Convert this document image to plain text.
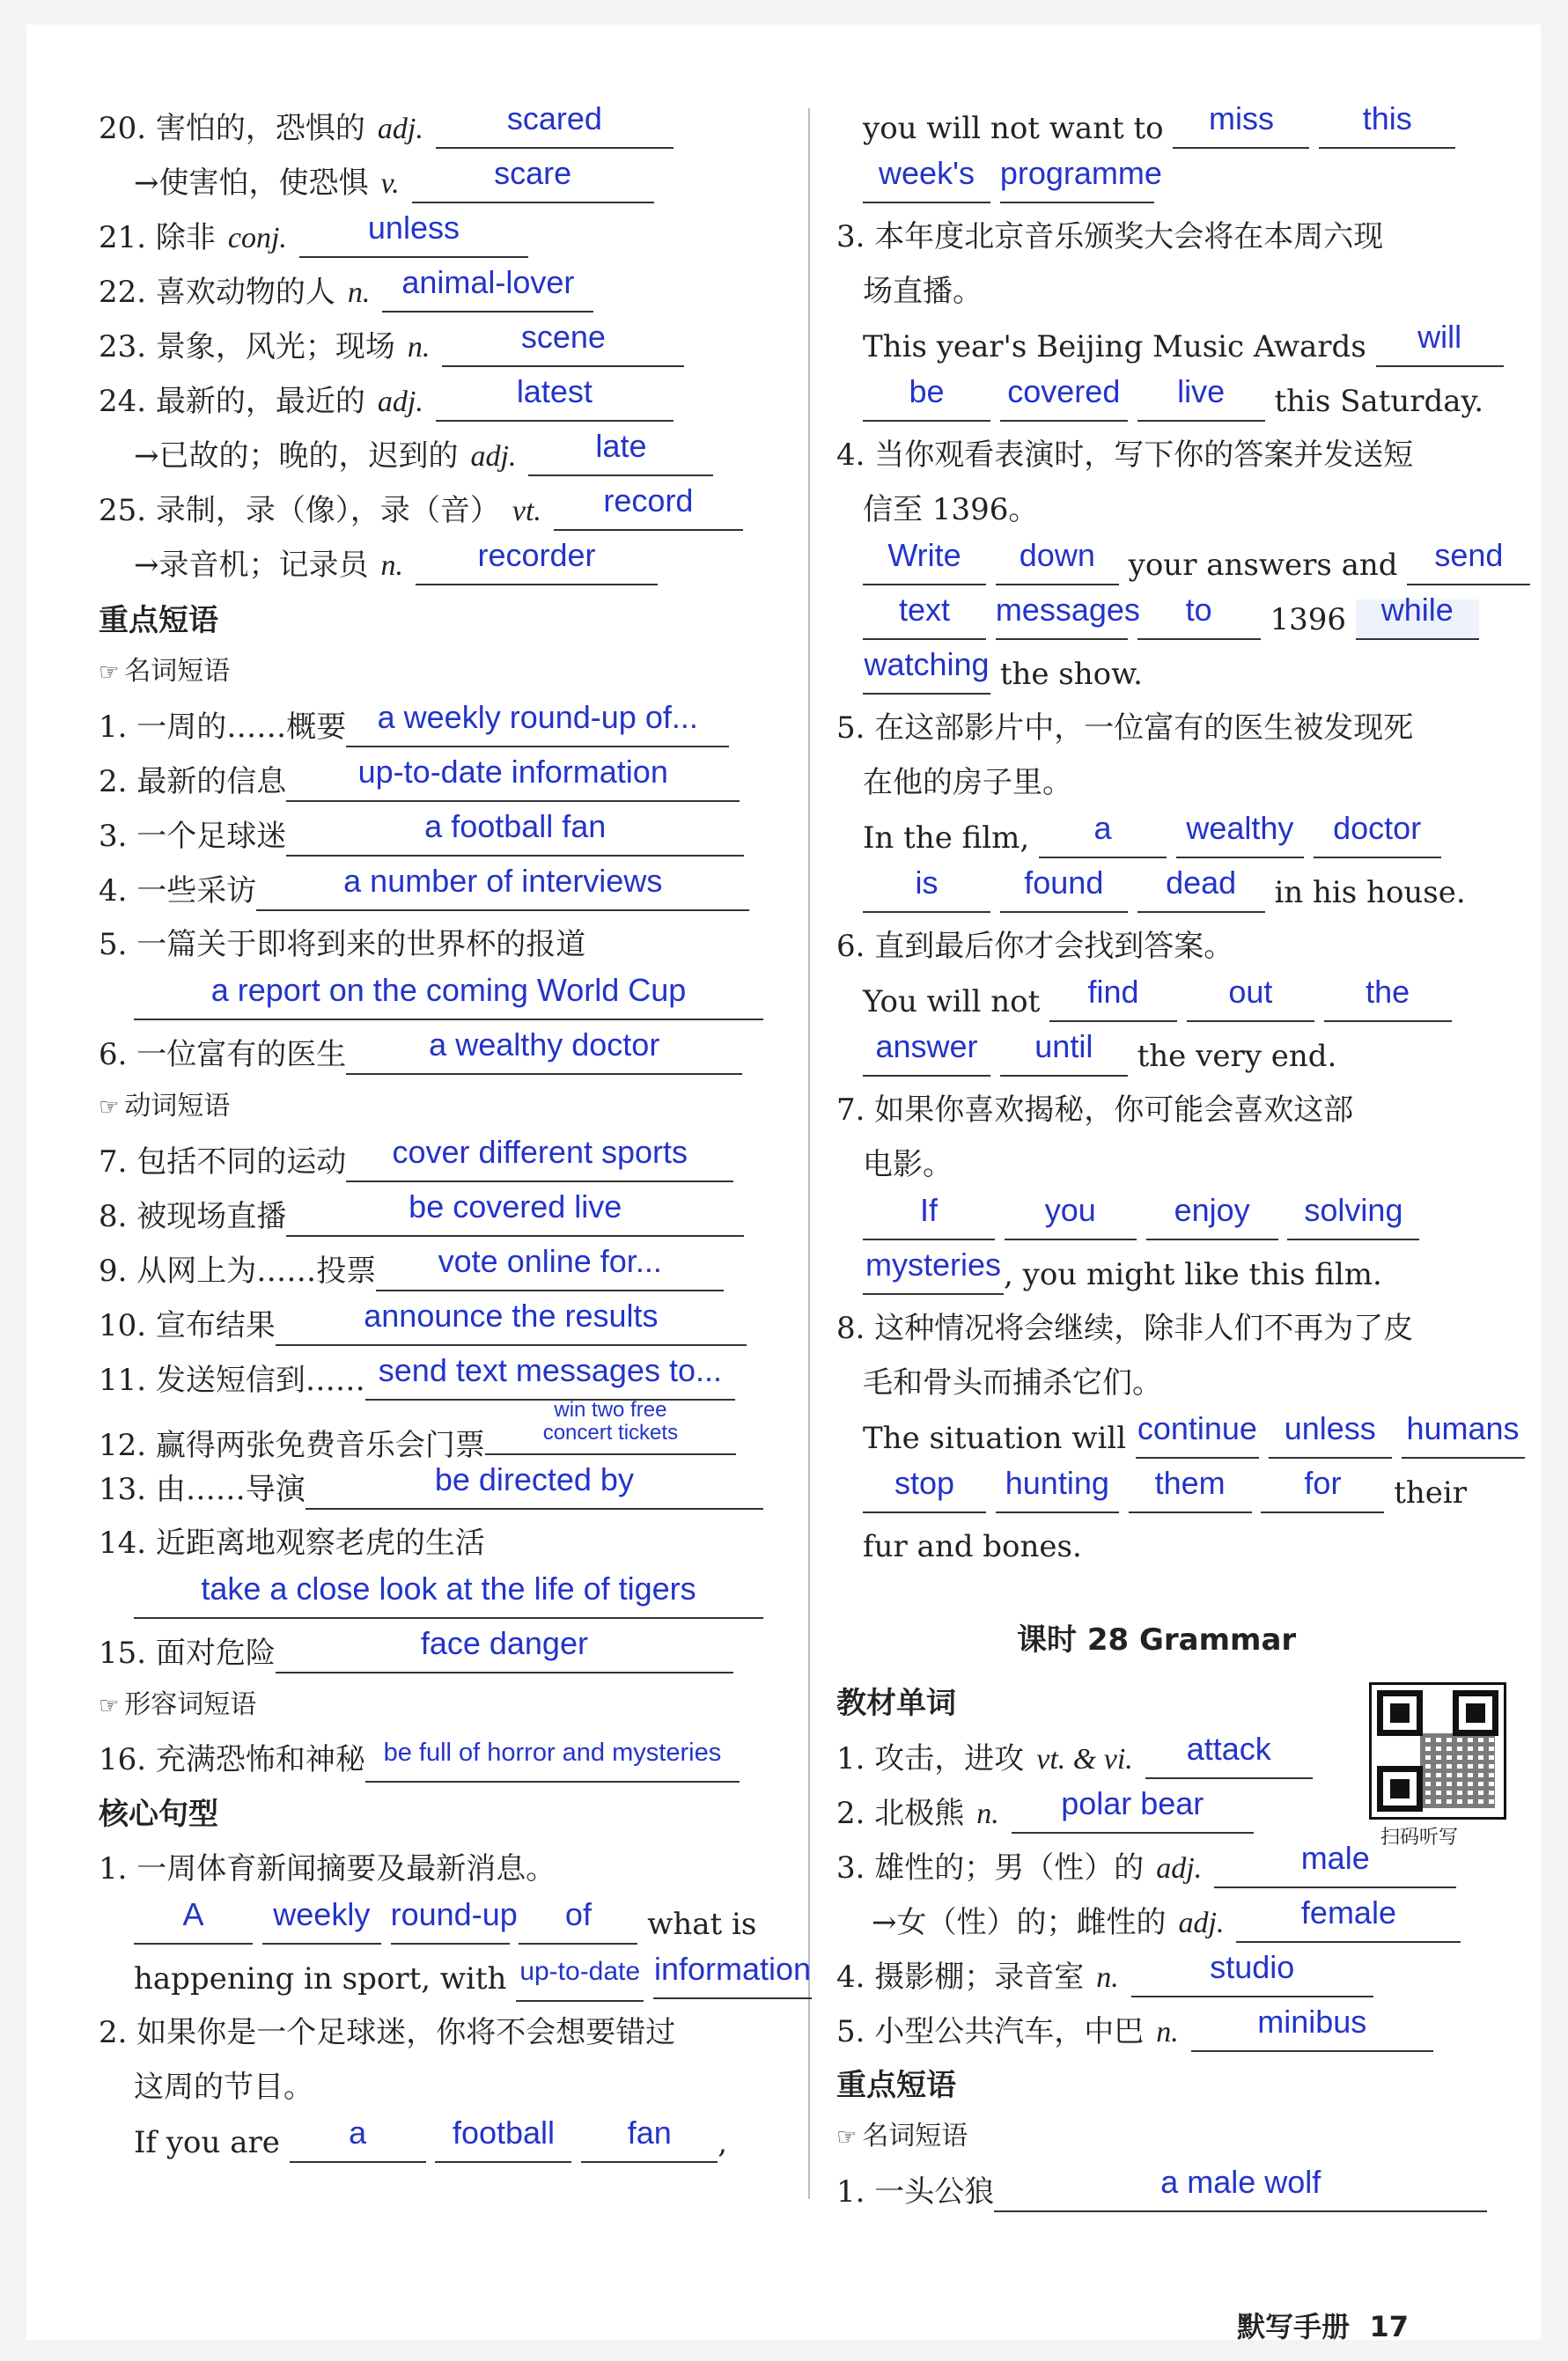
20. 害怕的，恐惧的 adj.	scared
→使害怕，使恐惧 v.	scare
21. 除非 conj.	unless
22. 喜欢动物的人 n. animal-lover
23. 景象，风光；现场 n.	scene
24. 最新的，最近的 adj.	latest
→已故的；晚的，迟到的 adj. late
25. 录制，录（像），录（音） vt. record
→录音机；记录员 n. recorder
重点短语
☞ 名词短语
1. 一周的……概要 a weekly round-up of...
2. 最新的信息 up-to-date information
3. 一个足球迷	a football fan
4. 一些采访	a number of interviews
5. 一篇关于即将到来的世界杯的报道
a report on the coming World Cup
6. 一位富有的医生	a wealthy doctor
☞ 动词短语
7. 包括不同的运动 cover different sports
8. 被现场直播	be covered live
9. 从网上为……投票 vote online for...
10. 宣布结果	announce the results
11. 发送短信到…… send text messages to...
12. 赢得两张免费音乐会门票
win two free
concert tickets
13. 由……导演	be directed by
14. 近距离地观察老虎的生活
take a close look at the life of tigers
15. 面对危险	face danger
☞ 形容词短语
16. 充满恐怖和神秘 be full of horror and mysteries
核心句型
1. 一周体育新闻摘要及最新消息。
A weekly round-up of what is
happening in sport, with up-to-date information
2. 如果你是一个足球迷，你将不会想要错过
这周的节目。
If you are a	football fan ,
you will not want to miss	this
week's programme
3. 本年度北京音乐颁奖大会将在本周六现
场直播。
This year's Beijing Music Awards will
be covered live this Saturday.
4. 当你观看表演时，写下你的答案并发送短
信至 1396。
Write down your answers and send
text messages to 1396 while
watching the show.
5. 在这部影片中，一位富有的医生被发现死
在他的房子里。
In the film, a wealthy doctor
is	found dead in his house.
6. 直到最后你才会找到答案。
You will not find	out	the
answer until the very end.
7. 如果你喜欢揭秘，你可能会喜欢这部
电影。
If	you enjoy solving
mysteries, you might like this film.
8. 这种情况将会继续，除非人们不再为了皮
毛和骨头而捕杀它们。
The situation will continue unless humans
stop hunting them for their
fur and bones.
课时 28 Grammar
教材单词
1. 攻击，进攻 vt. & vi. attack
2. 北极熊 n. polar bear
3. 雄性的；男（性）的 adj.	male
→女（性）的；雌性的 adj. female
4. 摄影棚；录音室 n.	studio
5. 小型公共汽车，中巴 n. minibus
重点短语
☞ 名词短语
1. 一头公狼	a male wolf
扫码听写
默写手册 17
